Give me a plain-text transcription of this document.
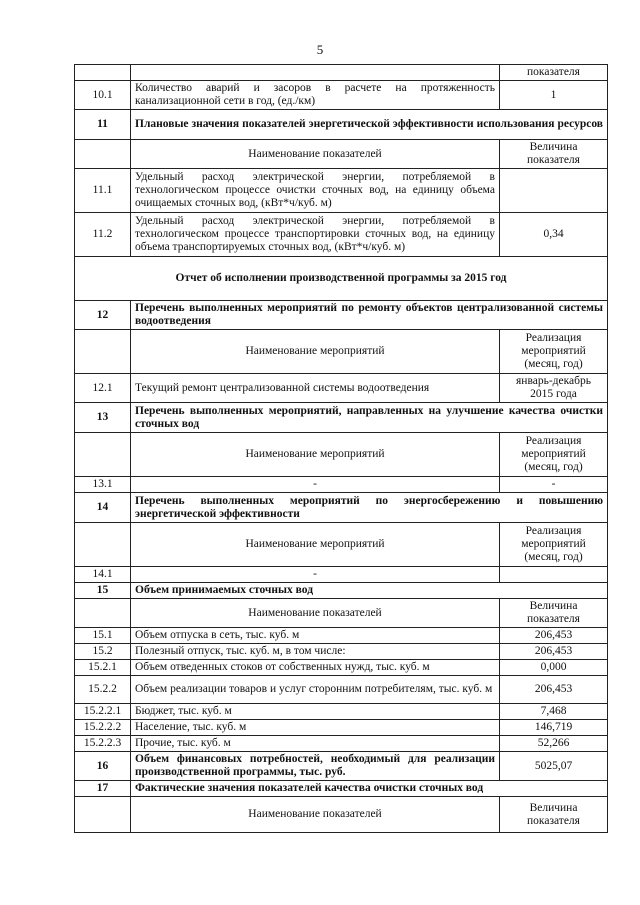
5
		показателя
10.1	Количество аварий и засоров в расчете на протяженность канализационной сети в год, (ед./км)	1
11	Плановые значения показателей энергетической эффективности использования ресурсов	
	Наименование показателей	Величина показателя
11.1	Удельный расход электрической энергии, потребляемой в технологическом процессе очистки сточных вод, на единицу объема очищаемых сточных вод, (кВт*ч/куб. м)	
11.2	Удельный расход электрической энергии, потребляемой в технологическом процессе транспортировки сточных вод, на единицу объема транспортируемых сточных вод, (кВт*ч/куб. м)	0,34
Отчет об исполнении производственной программы за 2015 год		
12	Перечень выполненных мероприятий по ремонту объектов централизованной системы водоотведения	
	Наименование мероприятий	Реализация мероприятий (месяц, год)
12.1	Текущий ремонт централизованной системы водоотведения	январь-декабрь 2015 года
13	Перечень выполненных мероприятий, направленных на улучшение качества очистки сточных вод	
	Наименование мероприятий	Реализация мероприятий (месяц, год)
13.1	-	-
14	Перечень выполненных мероприятий по энергосбережению и повышению энергетической эффективности	
	Наименование мероприятий	Реализация мероприятий (месяц, год)
14.1	-	
15	Объем принимаемых сточных вод	
	Наименование показателей	Величина показателя
15.1	Объем отпуска в сеть, тыс. куб. м	206,453
15.2	Полезный отпуск, тыс. куб. м, в том числе:	206,453
15.2.1	Объем отведенных стоков от собственных нужд, тыс. куб. м	0,000
15.2.2	Объем реализации товаров и услуг сторонним потребителям, тыс. куб. м	206,453
15.2.2.1	Бюджет, тыс. куб. м	7,468
15.2.2.2	Население, тыс. куб. м	146,719
15.2.2.3	Прочие, тыс. куб. м	52,266
16	Объем финансовых потребностей, необходимый для реализации производственной программы, тыс. руб.	5025,07
17	Фактические значения показателей качества очистки сточных вод	
	Наименование показателей	Величина показателя
